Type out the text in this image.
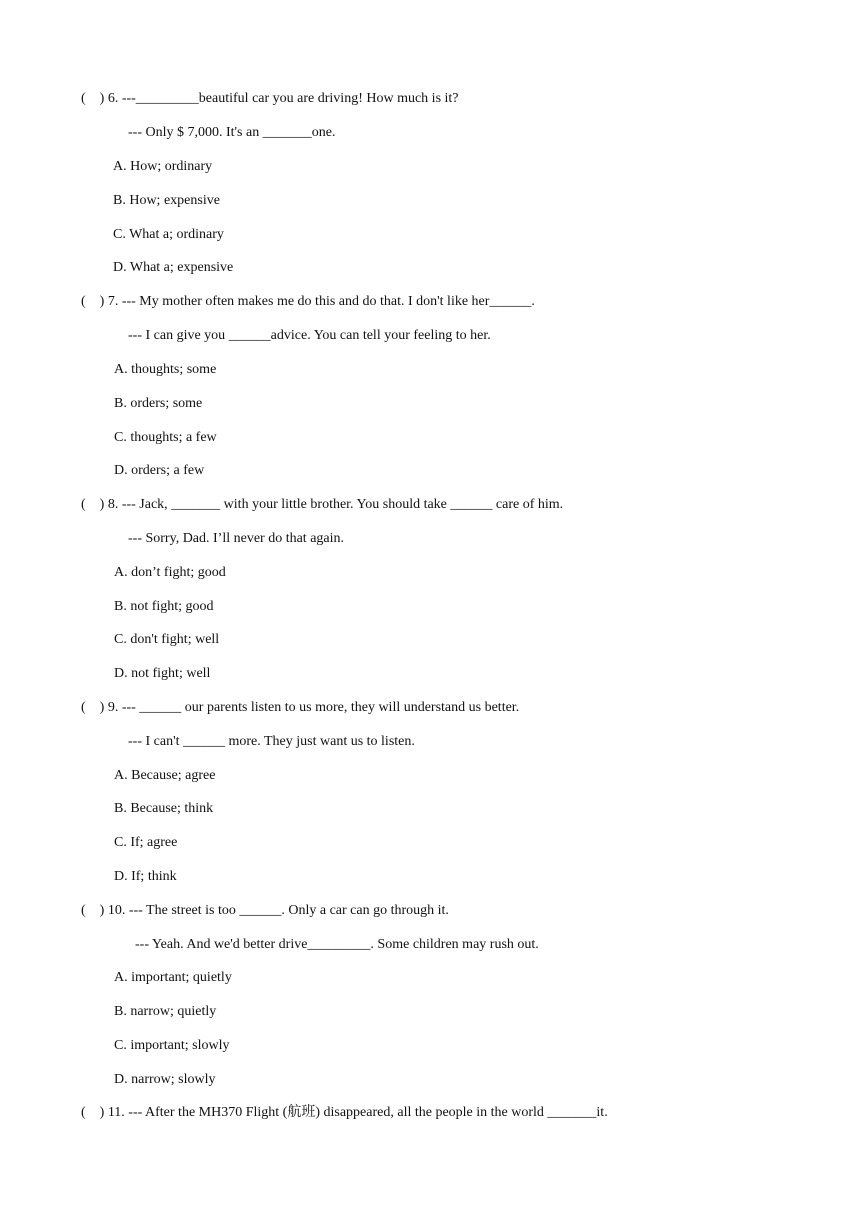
(    ) 6. ---_________beautiful car you are driving! How much is it?
--- Only $ 7,000. It's an _______one.
A. How; ordinary
B. How; expensive
C. What a; ordinary
D. What a; expensive
(    ) 7. --- My mother often makes me do this and do that. I don't like her______.
--- I can give you ______advice. You can tell your feeling to her.
A. thoughts; some
B. orders; some
C. thoughts; a few
D. orders; a few
(    ) 8. --- Jack, _______ with your little brother. You should take ______ care of him.
--- Sorry, Dad. I’ll never do that again.
A. don’t fight; good
B. not fight; good
C. don't fight; well
D. not fight; well
(    ) 9. --- ______ our parents listen to us more, they will understand us better.
--- I can't ______ more. They just want us to listen.
A. Because; agree
B. Because; think
C. If; agree
D. If; think
(    ) 10. --- The street is too ______. Only a car can go through it.
--- Yeah. And we'd better drive_________. Some children may rush out.
A. important; quietly
B. narrow; quietly
C. important; slowly
D. narrow; slowly
(    ) 11. --- After the MH370 Flight (航班) disappeared, all the people in the world _______it.
